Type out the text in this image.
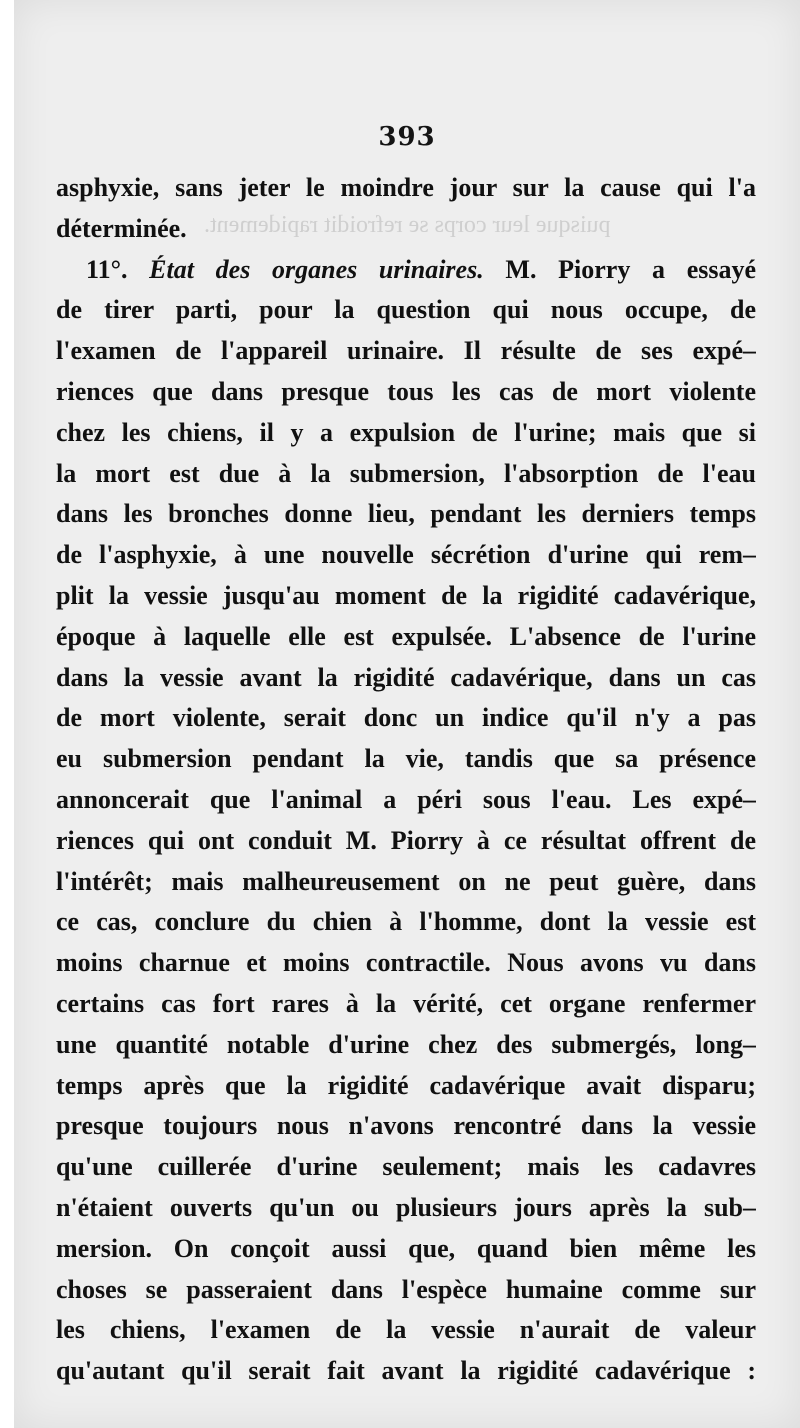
puisque leur corps se refroidit rapidement.
393
asphyxie, sans jeter le moindre jour sur la cause qui l'a
déterminée.
11°. État des organes urinaires. M. Piorry a essayé
de tirer parti, pour la question qui nous occupe, de
l'examen de l'appareil urinaire. Il résulte de ses expé–
riences que dans presque tous les cas de mort violente
chez les chiens, il y a expulsion de l'urine; mais que si
la mort est due à la submersion, l'absorption de l'eau
dans les bronches donne lieu, pendant les derniers temps
de l'asphyxie, à une nouvelle sécrétion d'urine qui rem–
plit la vessie jusqu'au moment de la rigidité cadavérique,
époque à laquelle elle est expulsée. L'absence de l'urine
dans la vessie avant la rigidité cadavérique, dans un cas
de mort violente, serait donc un indice qu'il n'y a pas
eu submersion pendant la vie, tandis que sa présence
annoncerait que l'animal a péri sous l'eau. Les expé–
riences qui ont conduit M. Piorry à ce résultat offrent de
l'intérêt; mais malheureusement on ne peut guère, dans
ce cas, conclure du chien à l'homme, dont la vessie est
moins charnue et moins contractile. Nous avons vu dans
certains cas fort rares à la vérité, cet organe renfermer
une quantité notable d'urine chez des submergés, long–
temps après que la rigidité cadavérique avait disparu;
presque toujours nous n'avons rencontré dans la vessie
qu'une cuillerée d'urine seulement; mais les cadavres
n'étaient ouverts qu'un ou plusieurs jours après la sub–
mersion. On conçoit aussi que, quand bien même les
choses se passeraient dans l'espèce humaine comme sur
les chiens, l'examen de la vessie n'aurait de valeur
qu'autant qu'il serait fait avant la rigidité cadavérique :
